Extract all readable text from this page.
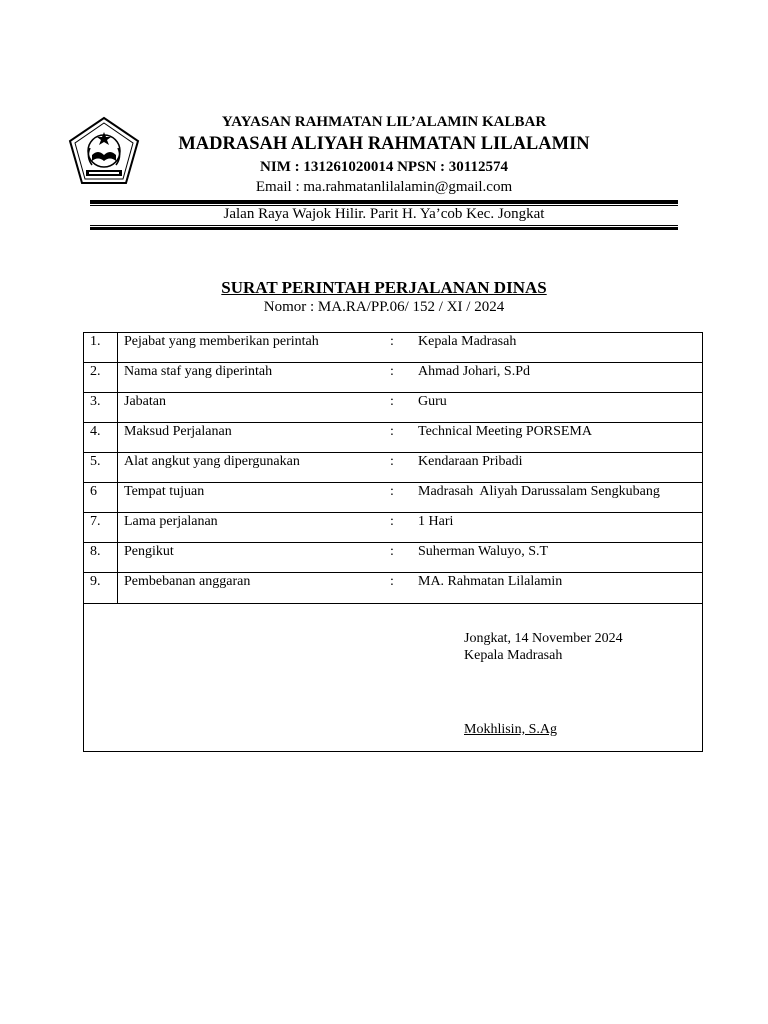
YAYASAN RAHMATAN LIL’ALAMIN KALBAR
MADRASAH ALIYAH RAHMATAN LILALAMIN
NIM : 131261020014 NPSN : 30112574
Email : ma.rahmatanlilalamin@gmail.com
Jalan Raya Wajok Hilir. Parit H. Ya’cob Kec. Jongkat
SURAT PERINTAH PERJALANAN DINAS
Nomor : MA.RA/PP.06/ 152 / XI / 2024
1. Pejabat yang memberikan perintah	: Kepala Madrasah
2. Nama staf yang diperintah	: Ahmad Johari, S.Pd
3. Jabatan	: Guru
4. Maksud Perjalanan	: Technical Meeting PORSEMA
5. Alat angkut yang dipergunakan	: Kendaraan Pribadi
6 Tempat tujuan	: Madrasah  Aliyah Darussalam Sengkubang
7. Lama perjalanan	: 1 Hari
8. Pengikut	: Suherman Waluyo, S.T
9. Pembebanan anggaran	: MA. Rahmatan Lilalamin
Jongkat, 14 November 2024
Kepala Madrasah
Mokhlisin, S.Ag
